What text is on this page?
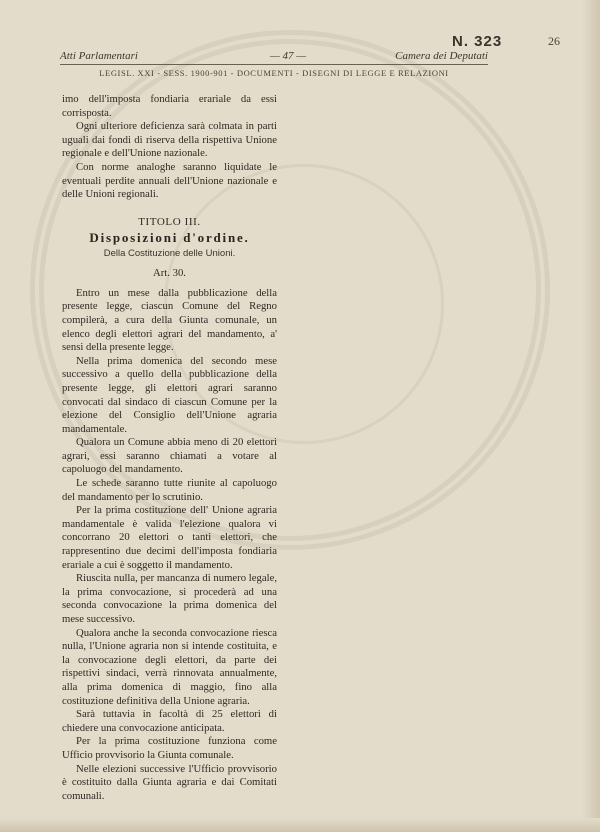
N. 323	26
Atti Parlamentari	— 47 —	Camera dei Deputati
LEGISL. XXI - SESS. 1900-901 - DOCUMENTI - DISEGNI DI LEGGE E RELAZIONI

imo dell'imposta fondiaria erariale da essi corrisposta.

Ogni ulteriore deficienza sarà colmata in parti uguali dai fondi di riserva della rispettiva Unione regionale e dell'Unione nazionale.

Con norme analoghe saranno liquidate le eventuali perdite annuali dell'Unione nazionale e delle Unioni regionali.

TITOLO III.
Disposizioni d'ordine.
Della Costituzione delle Unioni.
Art. 30.

Entro un mese dalla pubblicazione della presente legge, ciascun Comune del Regno compilerà, a cura della Giunta comunale, un elenco degli elettori agrari del mandamento, a' sensi della presente legge.

Nella prima domenica del secondo mese successivo a quello della pubblicazione della presente legge, gli elettori agrari saranno convocati dal sindaco di ciascun Comune per la elezione del Consiglio dell'Unione agraria mandamentale.

Qualora un Comune abbia meno di 20 elettori agrari, essi saranno chiamati a votare al capoluogo del mandamento.

Le schede saranno tutte riunite al capoluogo del mandamento per lo scrutinio.

Per la prima costituzione dell' Unione agraria mandamentale è valida l'elezione qualora vi concorrano 20 elettori o tanti elettori, che rappresentino due decimi dell'imposta fondiaria erariale a cui è soggetto il mandamento.

Riuscita nulla, per mancanza di numero legale, la prima convocazione, si procederà ad una seconda convocazione la prima domenica del mese successivo.

Qualora anche la seconda convocazione riesca nulla, l'Unione agraria non si intende costituita, e la convocazione degli elettori, da parte dei rispettivi sindaci, verrà rinnovata annualmente, alla prima domenica di maggio, fino alla costituzione definitiva della Unione agraria.

Sarà tuttavia in facoltà di 25 elettori di chiedere una convocazione anticipata.

Per la prima costituzione funziona come Ufficio provvisorio la Giunta comunale.

Nelle elezioni successive l'Ufficio provvisorio è costituito dalla Giunta agraria e dai Comitati comunali.
